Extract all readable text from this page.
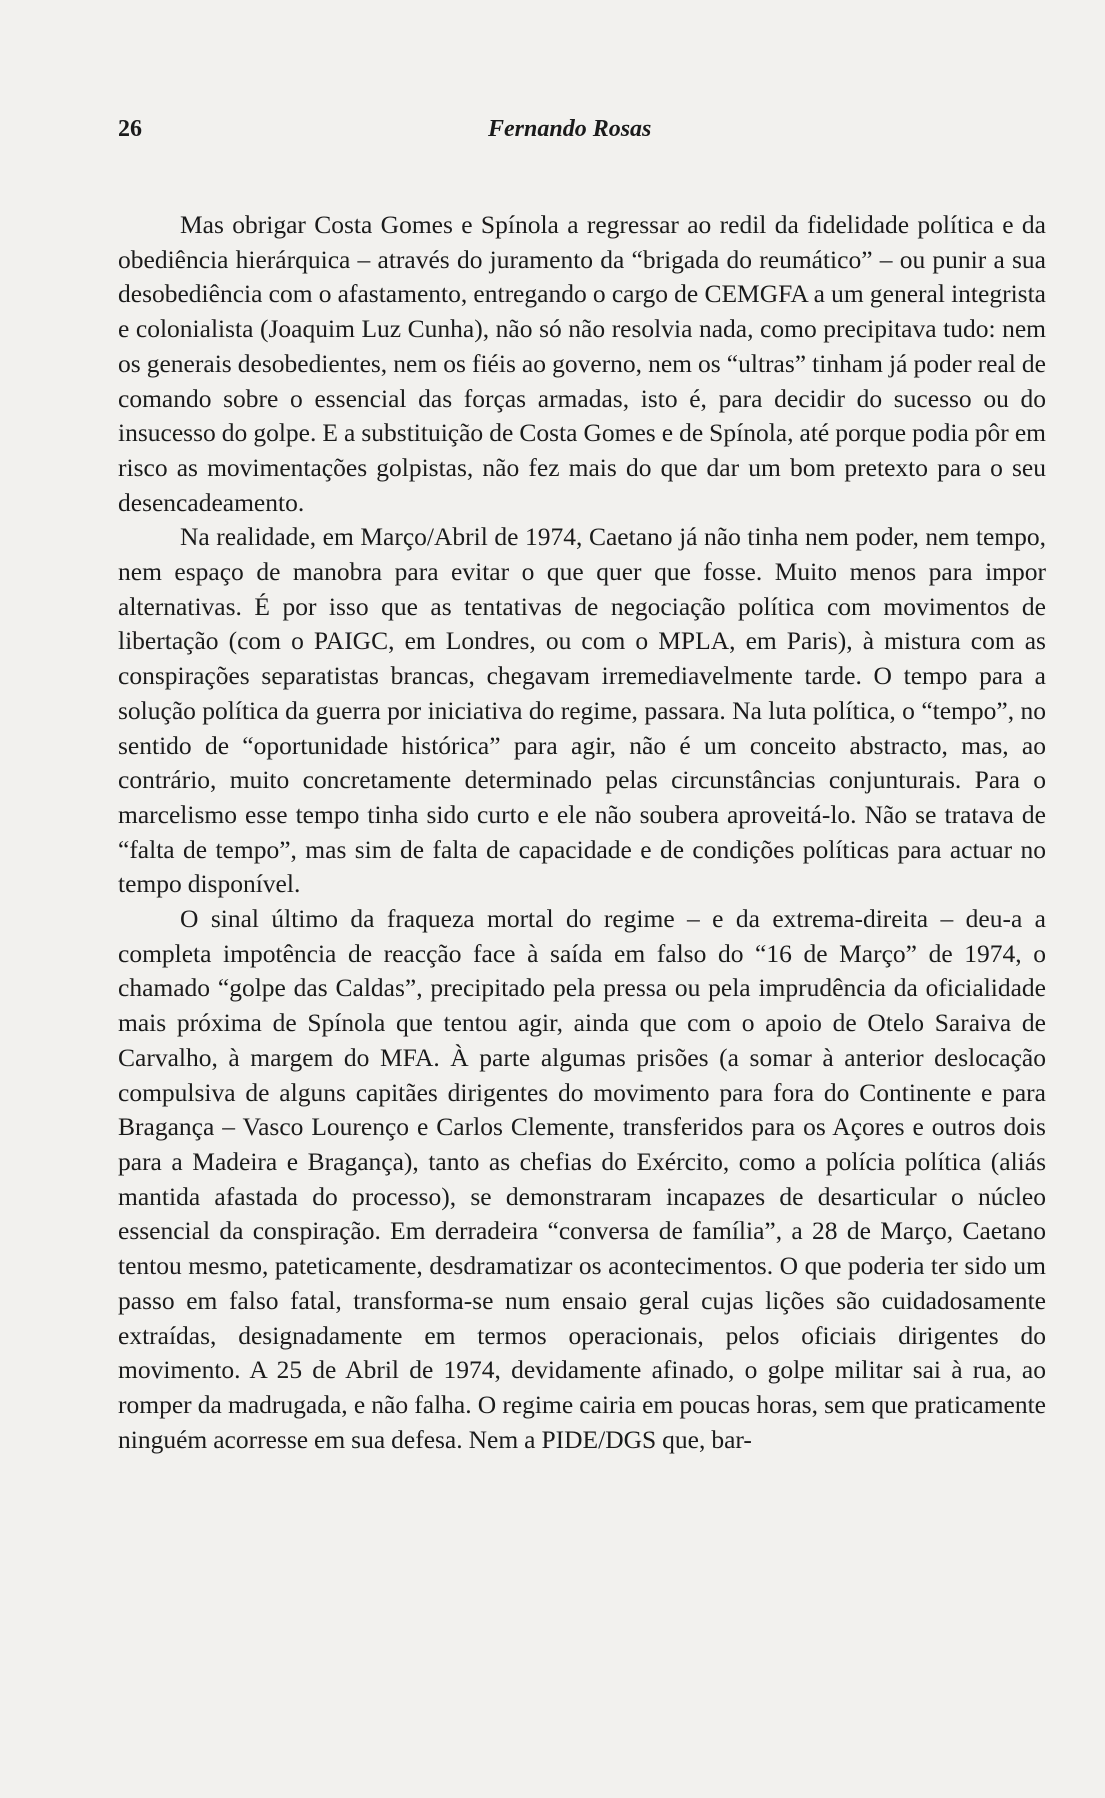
26	Fernando Rosas

Mas obrigar Costa Gomes e Spínola a regressar ao redil da fidelidade política e da obediência hierárquica – através do juramento da “brigada do reumático” – ou punir a sua desobediência com o afastamento, entregando o cargo de CEMGFA a um general integrista e colonialista (Joaquim Luz Cunha), não só não resolvia nada, como precipitava tudo: nem os generais desobedientes, nem os fiéis ao governo, nem os “ultras” tinham já poder real de comando sobre o essencial das forças armadas, isto é, para decidir do sucesso ou do insucesso do golpe. E a substituição de Costa Gomes e de Spínola, até porque podia pôr em risco as movimentações golpistas, não fez mais do que dar um bom pretexto para o seu desencadeamento.

Na realidade, em Março/Abril de 1974, Caetano já não tinha nem poder, nem tempo, nem espaço de manobra para evitar o que quer que fosse. Muito menos para impor alternativas. É por isso que as tentativas de negociação política com movimentos de libertação (com o PAIGC, em Londres, ou com o MPLA, em Paris), à mistura com as conspirações separatistas brancas, chegavam irremediavelmente tarde. O tempo para a solução política da guerra por iniciativa do regime, passara. Na luta política, o “tempo”, no sentido de “oportunidade histórica” para agir, não é um conceito abstracto, mas, ao contrário, muito concretamente determinado pelas circunstâncias conjunturais. Para o marcelismo esse tempo tinha sido curto e ele não soubera aproveitá-lo. Não se tratava de “falta de tempo”, mas sim de falta de capacidade e de condições políticas para actuar no tempo disponível.

O sinal último da fraqueza mortal do regime – e da extrema-direita – deu-a a completa impotência de reacção face à saída em falso do “16 de Março” de 1974, o chamado “golpe das Caldas”, precipitado pela pressa ou pela imprudência da oficialidade mais próxima de Spínola que tentou agir, ainda que com o apoio de Otelo Saraiva de Carvalho, à margem do MFA. À parte algumas prisões (a somar à anterior deslocação compulsiva de alguns capitães dirigentes do movimento para fora do Continente e para Bragança – Vasco Lourenço e Carlos Clemente, transferidos para os Açores e outros dois para a Madeira e Bragança), tanto as chefias do Exército, como a polícia política (aliás mantida afastada do processo), se demonstraram incapazes de desarticular o núcleo essencial da conspiração. Em derradeira “conversa de família”, a 28 de Março, Caetano tentou mesmo, pateticamente, desdramatizar os acontecimentos. O que poderia ter sido um passo em falso fatal, transforma-se num ensaio geral cujas lições são cuidadosamente extraídas, designadamente em termos operacionais, pelos oficiais dirigentes do movimento. A 25 de Abril de 1974, devidamente afinado, o golpe militar sai à rua, ao romper da madrugada, e não falha. O regime cairia em poucas horas, sem que praticamente ninguém acorresse em sua defesa. Nem a PIDE/DGS que, bar-
